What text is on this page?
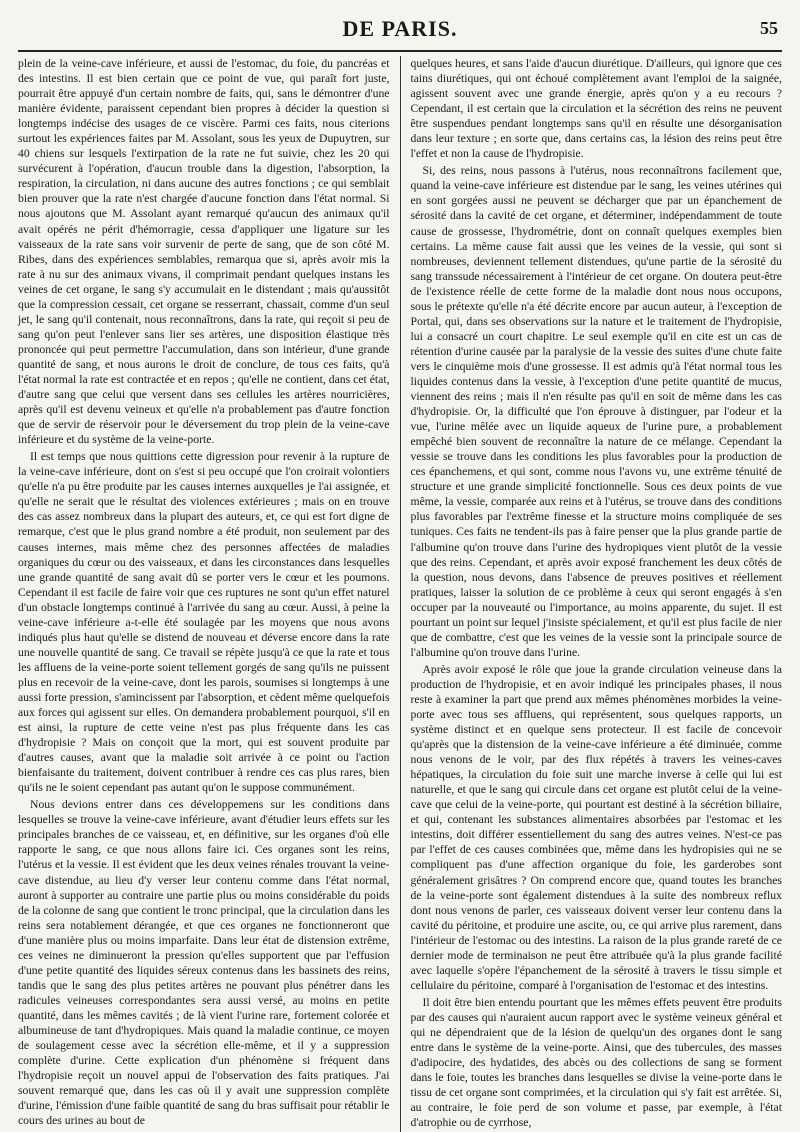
DE PARIS.	55

plein de la veine-cave inférieure, et aussi de l'estomac, du foie, du pancréas et des intestins. Il est bien certain que ce point de vue, qui paraît fort juste, pourrait être appuyé d'un certain nombre de faits, qui, sans le démontrer d'une manière évidente, paraissent cependant bien propres à décider la question si longtemps indécise des usages de ce viscère. Parmi ces faits, nous citerions surtout les expériences faites par M. Assolant, sous les yeux de Dupuytren, sur 40 chiens sur lesquels l'extirpation de la rate ne fut suivie, chez les 20 qui survécurent à l'opération, d'aucun trouble dans la digestion, l'absorption, la respiration, la circulation, ni dans aucune des autres fonctions ; ce qui semblait bien prouver que la rate n'est chargée d'aucune fonction dans l'état normal. Si nous ajoutons que M. Assolant ayant remarqué qu'aucun des animaux qu'il avait opérés ne périt d'hémorragie, cessa d'appliquer une ligature sur les vaisseaux de la rate sans voir survenir de perte de sang, que de son côté M. Ribes, dans des expériences semblables, remarqua que si, après avoir mis la rate à nu sur des animaux vivans, il comprimait pendant quelques instans les veines de cet organe, le sang s'y accumulait en le distendant ; mais qu'aussitôt que la compression cessait, cet organe se resserrant, chassait, comme d'un seul jet, le sang qu'il contenait, nous reconnaîtrons, dans la rate, qui reçoit si peu de sang qu'on peut l'enlever sans lier ses artères, une disposition élastique très prononcée qui peut permettre l'accumulation, dans son intérieur, d'une grande quantité de sang, et nous aurons le droit de conclure, de tous ces faits, qu'à l'état normal la rate est contractée et en repos ; qu'elle ne contient, dans cet état, d'autre sang que celui que versent dans ses cellules les artères nourricières, après qu'il est devenu veineux et qu'elle n'a probablement pas d'autre fonction que de servir de réservoir pour le déversement du trop plein de la veine-cave inférieure et du système de la veine-porte.

Il est temps que nous quittions cette digression pour revenir à la rupture de la veine-cave inférieure, dont on s'est si peu occupé que l'on croirait volontiers qu'elle n'a pu être produite par les causes internes auxquelles je l'ai assignée, et qu'elle ne serait que le résultat des violences extérieures ; mais on en trouve des cas assez nombreux dans la plupart des auteurs, et, ce qui est fort digne de remarque, c'est que le plus grand nombre a été produit, non seulement par des causes internes, mais même chez des personnes affectées de maladies organiques du cœur ou des vaisseaux, et dans les circonstances dans lesquelles une grande quantité de sang avait dû se porter vers le cœur et les poumons. Cependant il est facile de faire voir que ces ruptures ne sont qu'un effet naturel d'un obstacle longtemps continué à l'arrivée du sang au cœur. Aussi, à peine la veine-cave inférieure a-t-elle été soulagée par les moyens que nous avons indiqués plus haut qu'elle se distend de nouveau et déverse encore dans la rate une nouvelle quantité de sang. Ce travail se répète jusqu'à ce que la rate et tous les affluens de la veine-porte soient tellement gorgés de sang qu'ils ne puissent plus en recevoir de la veine-cave, dont les parois, soumises si longtemps à une aussi forte pression, s'amincissent par l'absorption, et cèdent même quelquefois aux forces qui agissent sur elles. On demandera probablement pourquoi, s'il en est ainsi, la rupture de cette veine n'est pas plus fréquente dans les cas d'hydropisie ? Mais on conçoit que la mort, qui est souvent produite par d'autres causes, avant que la maladie soit arrivée à ce point ou l'action bienfaisante du traitement, doivent contribuer à rendre ces cas plus rares, bien qu'ils ne le soient cependant pas autant qu'on le suppose communément.

Nous devions entrer dans ces développemens sur les conditions dans lesquelles se trouve la veine-cave inférieure, avant d'étudier leurs effets sur les principales branches de ce vaisseau, et, en définitive, sur les organes d'où elle rapporte le sang, ce que nous allons faire ici. Ces organes sont les reins, l'utérus et la vessie. Il est évident que les deux veines rénales trouvant la veine-cave distendue, au lieu d'y verser leur contenu comme dans l'état normal, auront à supporter au contraire une partie plus ou moins considérable du poids de la colonne de sang que contient le tronc principal, que la circulation dans les reins sera notablement dérangée, et que ces organes ne fonctionneront que d'une manière plus ou moins imparfaite. Dans leur état de distension extrême, ces veines ne diminueront la pression qu'elles supportent que par l'effusion d'une petite quantité des liquides séreux contenus dans les bassinets des reins, tandis que le sang des plus petites artères ne pouvant plus pénétrer dans les radicules veineuses correspondantes sera aussi versé, au moins en petite quantité, dans les mêmes cavités ; de là vient l'urine rare, fortement colorée et albumineuse de tant d'hydropiques. Mais quand la maladie continue, ce moyen de soulagement cesse avec la sécrétion elle-même, et il y a suppression complète d'urine. Cette explication d'un phénomène si fréquent dans l'hydropisie reçoit un nouvel appui de l'observation des faits pratiques. J'ai souvent remarqué que, dans les cas où il y avait une suppression complète d'urine, l'émission d'une faible quantité de sang du bras suffisait pour rétablir le cours des urines au bout de

quelques heures, et sans l'aide d'aucun diurétique. D'ailleurs, qui ignore que ces tains diurétiques, qui ont échoué complètement avant l'emploi de la saignée, agissent souvent avec une grande énergie, après qu'on y a eu recours ? Cependant, il est certain que la circulation et la sécrétion des reins ne peuvent être suspendues pendant longtemps sans qu'il en résulte une désorganisation dans leur texture ; en sorte que, dans certains cas, la lésion des reins peut être l'effet et non la cause de l'hydropisie.

Si, des reins, nous passons à l'utérus, nous reconnaîtrons facilement que, quand la veine-cave inférieure est distendue par le sang, les veines utérines qui en sont gorgées aussi ne peuvent se décharger que par un épanchement de sérosité dans la cavité de cet organe, et déterminer, indépendamment de toute cause de grossesse, l'hydrométrie, dont on connaît quelques exemples bien certains. La même cause fait aussi que les veines de la vessie, qui sont si nombreuses, deviennent tellement distendues, qu'une partie de la sérosité du sang transsude nécessairement à l'intérieur de cet organe. On doutera peut-être de l'existence réelle de cette forme de la maladie dont nous nous occupons, sous le prétexte qu'elle n'a été décrite encore par aucun auteur, à l'exception de Portal, qui, dans ses observations sur la nature et le traitement de l'hydropisie, lui a consacré un court chapitre. Le seul exemple qu'il en cite est un cas de rétention d'urine causée par la paralysie de la vessie des suites d'une chute faite vers le cinquième mois d'une grossesse. Il est admis qu'à l'état normal tous les liquides contenus dans la vessie, à l'exception d'une petite quantité de mucus, viennent des reins ; mais il n'en résulte pas qu'il en soit de même dans les cas d'hydropisie. Or, la difficulté que l'on éprouve à distinguer, par l'odeur et la vue, l'urine mêlée avec un liquide aqueux de l'urine pure, a probablement empêché bien souvent de reconnaître la nature de ce mélange. Cependant la vessie se trouve dans les conditions les plus favorables pour la production de ces épanchemens, et qui sont, comme nous l'avons vu, une extrême ténuité de structure et une grande simplicité fonctionnelle. Sous ces deux points de vue même, la vessie, comparée aux reins et à l'utérus, se trouve dans des conditions plus favorables par l'extrême finesse et la structure moins compliquée de ses tuniques. Ces faits ne tendent-ils pas à faire penser que la plus grande partie de l'albumine qu'on trouve dans l'urine des hydropiques vient plutôt de la vessie que des reins. Cependant, et après avoir exposé franchement les deux côtés de la question, nous devons, dans l'absence de preuves positives et réellement pratiques, laisser la solution de ce problème à ceux qui seront engagés à s'en occuper par la nouveauté ou l'importance, au moins apparente, du sujet. Il est pourtant un point sur lequel j'insiste spécialement, et qu'il est plus facile de nier que de combattre, c'est que les veines de la vessie sont la principale source de l'albumine qu'on trouve dans l'urine.

Après avoir exposé le rôle que joue la grande circulation veineuse dans la production de l'hydropisie, et en avoir indiqué les principales phases, il nous reste à examiner la part que prend aux mêmes phénomènes morbides la veine-porte avec tous ses affluens, qui représentent, sous quelques rapports, un système distinct et en quelque sens protecteur. Il est facile de concevoir qu'après que la distension de la veine-cave inférieure a été diminuée, comme nous venons de le voir, par des flux répétés à travers les veines-caves hépatiques, la circulation du foie suit une marche inverse à celle qui lui est naturelle, et que le sang qui circule dans cet organe est plutôt celui de la veine-cave que celui de la veine-porte, qui pourtant est destiné à la sécrétion biliaire, et qui, contenant les substances alimentaires absorbées par l'estomac et les intestins, doit différer essentiellement du sang des autres veines. N'est-ce pas par l'effet de ces causes combinées que, même dans les hydropisies qui ne se compliquent pas d'une affection organique du foie, les garderobes sont généralement grisâtres ? On comprend encore que, quand toutes les branches de la veine-porte sont également distendues à la suite des nombreux reflux dont nous venons de parler, ces vaisseaux doivent verser leur contenu dans la cavité du péritoine, et produire une ascite, ou, ce qui arrive plus rarement, dans l'intérieur de l'estomac ou des intestins. La raison de la plus grande rareté de ce dernier mode de terminaison ne peut être attribuée qu'à la plus grande facilité avec laquelle s'opère l'épanchement de la sérosité à travers le tissu simple et cellulaire du péritoine, comparé à l'organisation de l'estomac et des intestins.

Il doit être bien entendu pourtant que les mêmes effets peuvent être produits par des causes qui n'auraient aucun rapport avec le système veineux général et qui ne dépendraient que de la lésion de quelqu'un des organes dont le sang entre dans le système de la veine-porte. Ainsi, que des tubercules, des masses d'adipocire, des hydatides, des abcès ou des collections de sang se forment dans le foie, toutes les branches dans lesquelles se divise la veine-porte dans le tissu de cet organe sont comprimées, et la circulation qui s'y fait est arrêtée. Si, au contraire, le foie perd de son volume et passe, par exemple, à l'état d'atrophie ou de cyrrhose,
